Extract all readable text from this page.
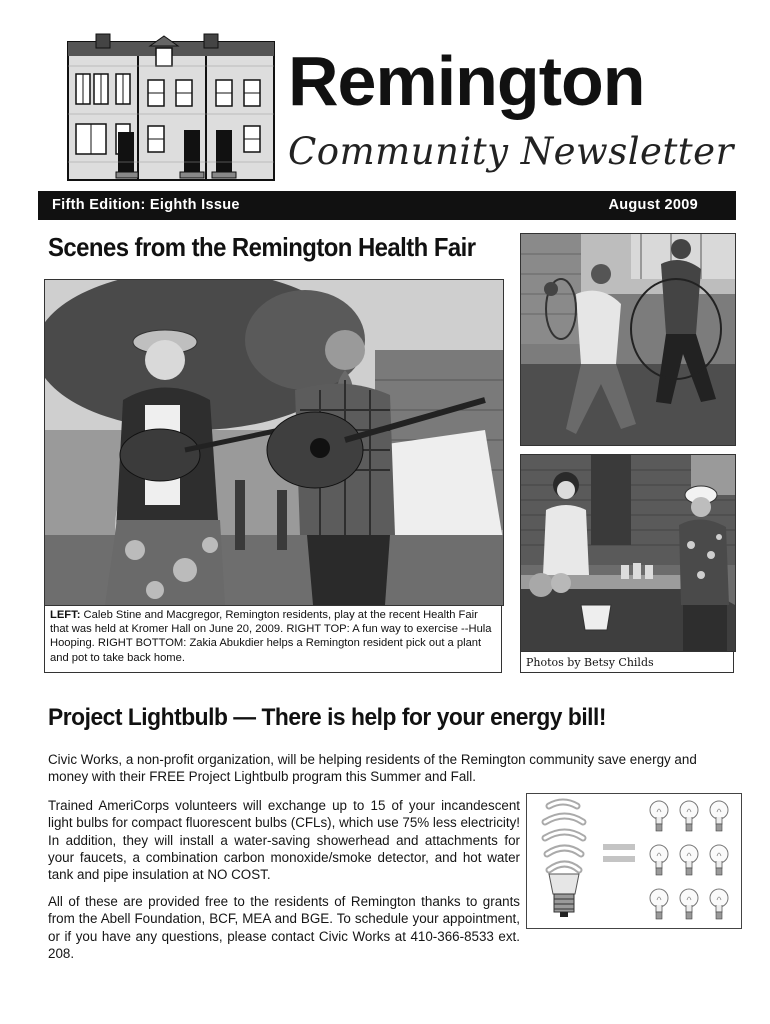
Remington

Community Newsletter

Fifth Edition: Eighth Issue	August 2009
Scenes from the Remington Health Fair
LEFT: Caleb Stine and Macgregor, Remington residents, play at the recent Health Fair that was held at Kromer Hall on June 20, 2009. RIGHT TOP: A fun way to exercise --Hula Hooping. RIGHT BOTTOM: Zakia Abukdier helps a Remington resident pick out a plant and pot to take back home.	Photos by Betsy Childs
Project Lightbulb — There is help for your energy bill!

Civic Works, a non-profit organization, will be helping residents of the Remington community save energy and money with their FREE Project Lightbulb program this Summer and Fall.

Trained AmeriCorps volunteers will exchange up to 15 of your incandescent light bulbs for compact fluorescent bulbs (CFLs), which use 75% less electricity! In addition, they will install a water-saving showerhead and attachments for your faucets, a combination carbon monoxide/smoke detector, and hot water tank and pipe insulation at NO COST.

All of these are provided free to the residents of Remington thanks to grants from the Abell Foundation, BCF, MEA and BGE. To schedule your appointment, or if you have any questions, please contact Civic Works at 410-366-8533 ext. 208.
